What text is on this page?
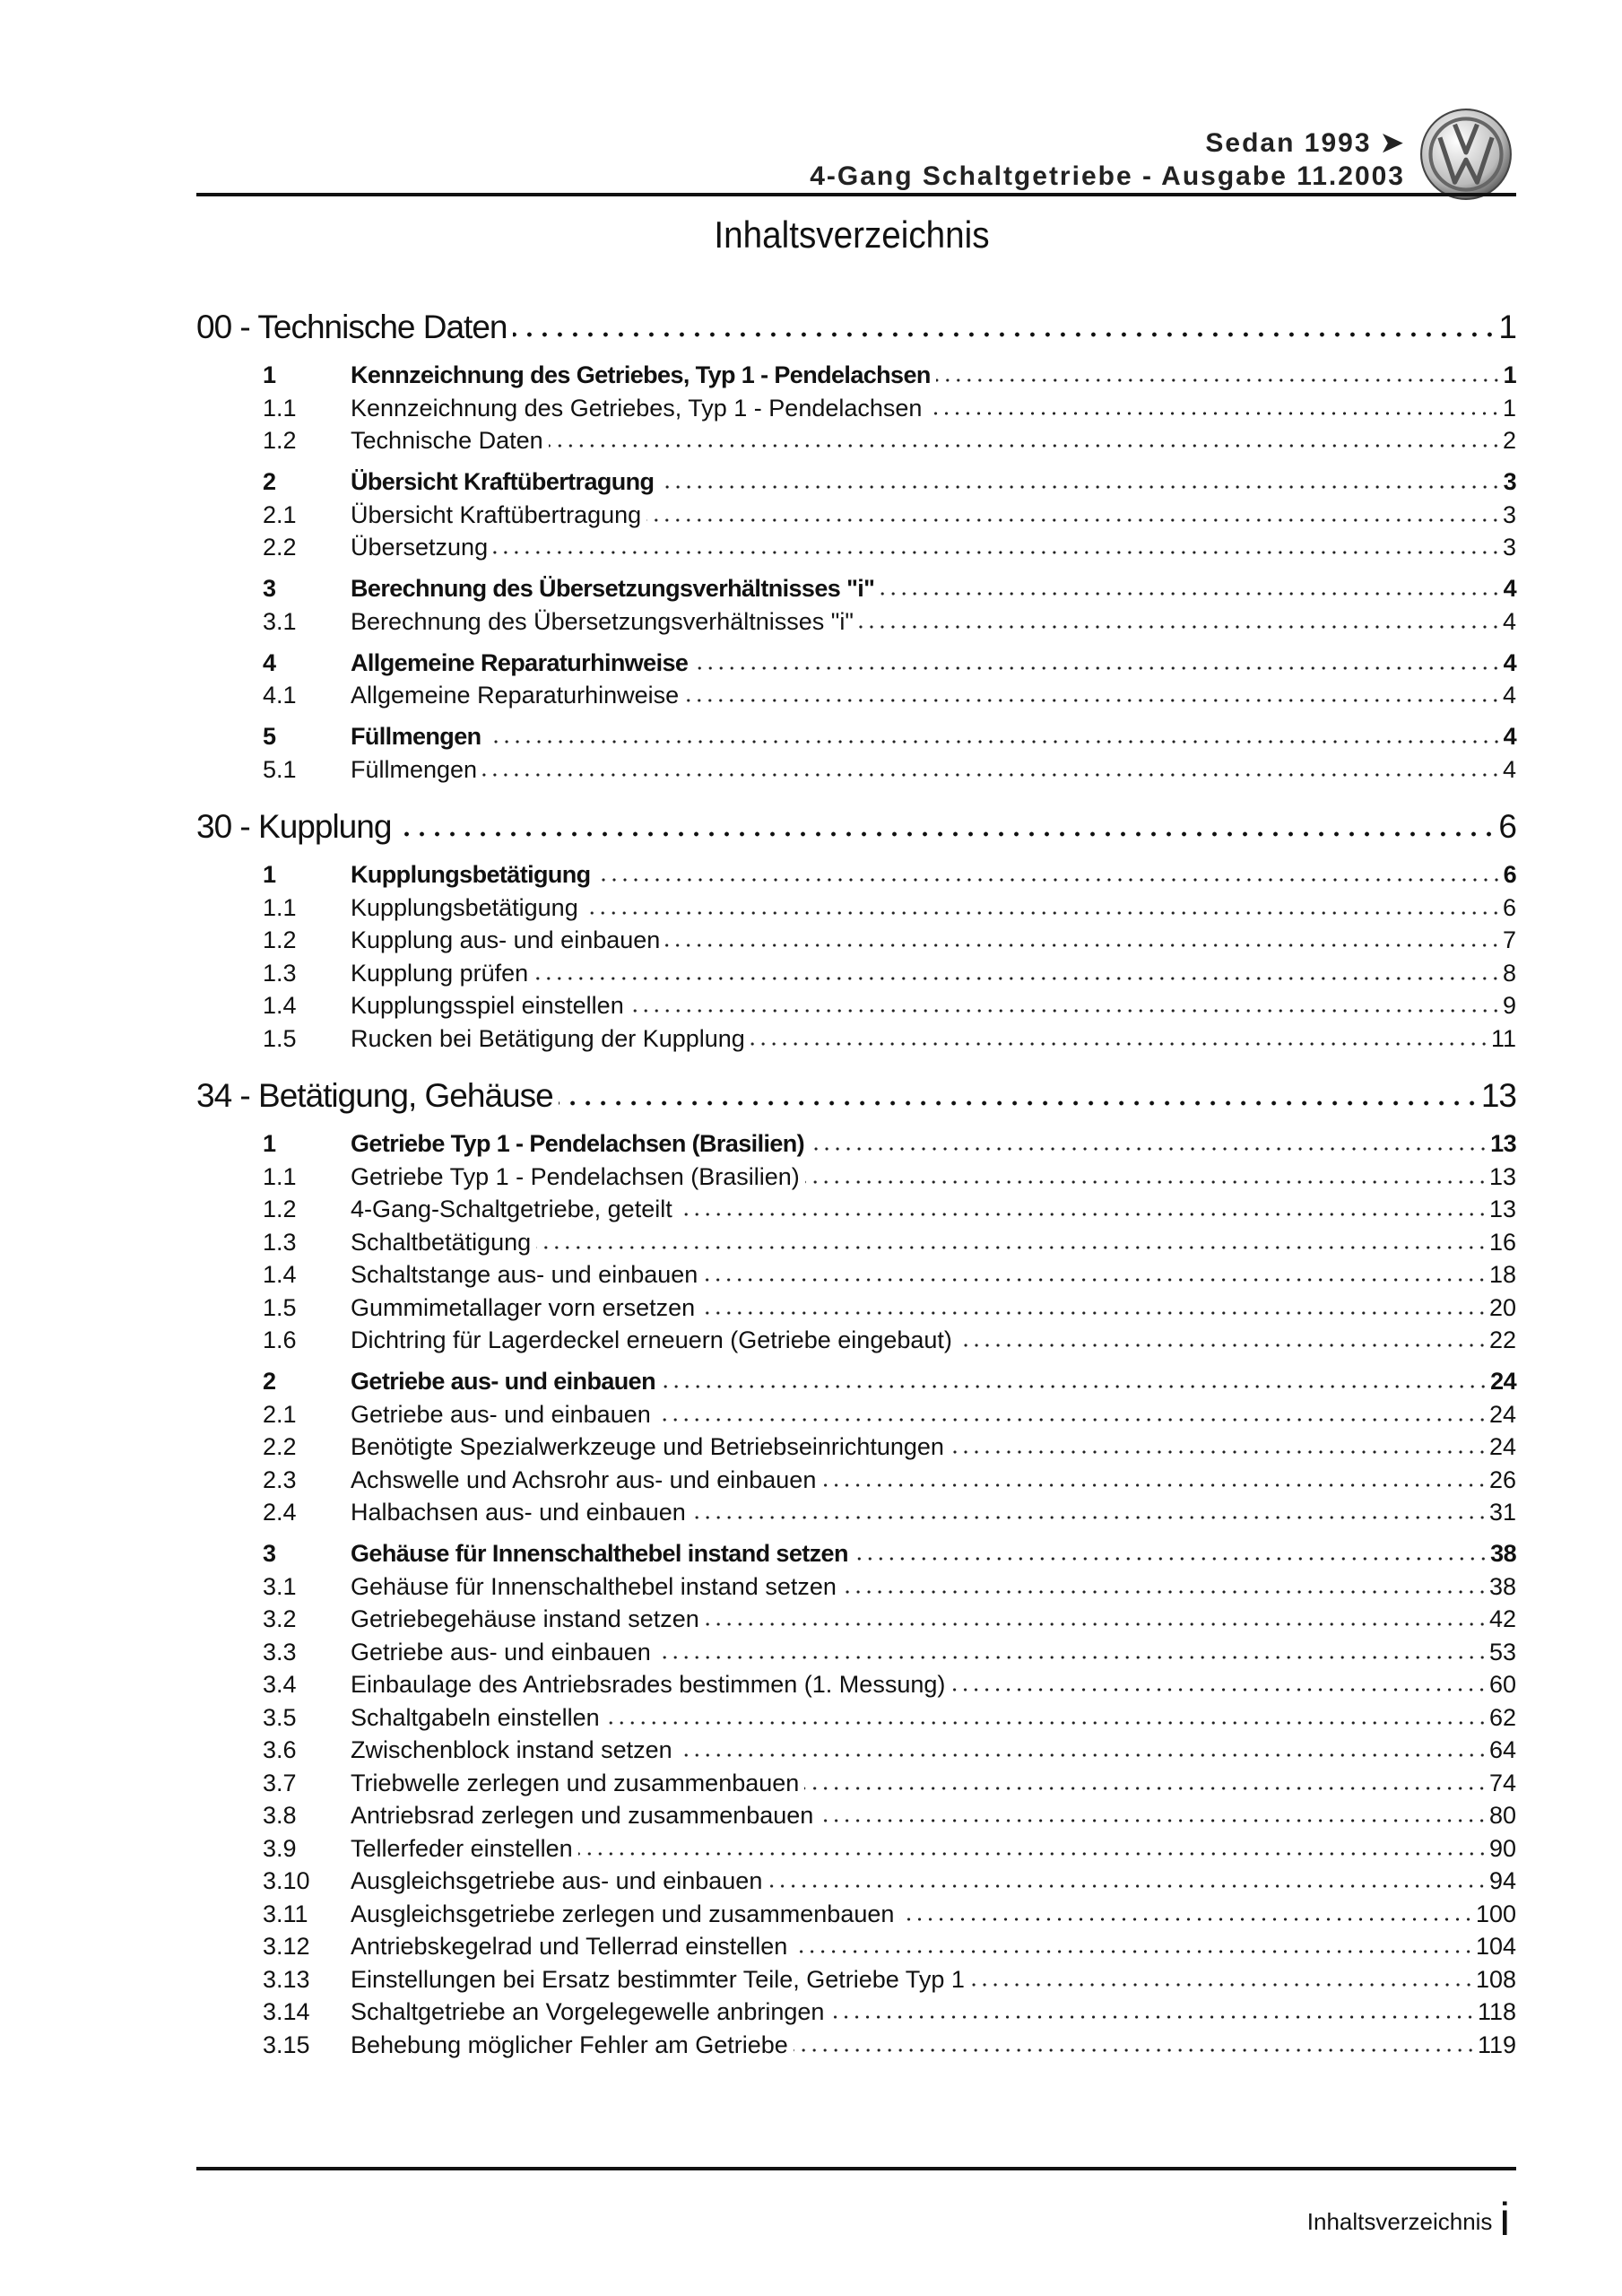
Sedan 1993 ➤
4-Gang Schaltgetriebe - Ausgabe 11.2003
Inhaltsverzeichnis
00 - Technische Daten	1
1	Kennzeichnung des Getriebes, Typ 1 - Pendelachsen	1
1.1	Kennzeichnung des Getriebes, Typ 1 - Pendelachsen	1
1.2	Technische Daten	2
2	Übersicht Kraftübertragung	3
2.1	Übersicht Kraftübertragung	3
2.2	Übersetzung	3
3	Berechnung des Übersetzungsverhältnisses "i"	4
3.1	Berechnung des Übersetzungsverhältnisses "i"	4
4	Allgemeine Reparaturhinweise	4
4.1	Allgemeine Reparaturhinweise	4
5	Füllmengen	4
5.1	Füllmengen	4
30 - Kupplung	6
1	Kupplungsbetätigung	6
1.1	Kupplungsbetätigung	6
1.2	Kupplung aus- und einbauen	7
1.3	Kupplung prüfen	8
1.4	Kupplungsspiel einstellen	9
1.5	Rucken bei Betätigung der Kupplung	11
34 - Betätigung, Gehäuse	13
1	Getriebe Typ 1 - Pendelachsen (Brasilien)	13
1.1	Getriebe Typ 1 - Pendelachsen (Brasilien)	13
1.2	4-Gang-Schaltgetriebe, geteilt	13
1.3	Schaltbetätigung	16
1.4	Schaltstange aus- und einbauen	18
1.5	Gummimetallager vorn ersetzen	20
1.6	Dichtring für Lagerdeckel erneuern (Getriebe eingebaut)	22
2	Getriebe aus- und einbauen	24
2.1	Getriebe aus- und einbauen	24
2.2	Benötigte Spezialwerkzeuge und Betriebseinrichtungen	24
2.3	Achswelle und Achsrohr aus- und einbauen	26
2.4	Halbachsen aus- und einbauen	31
3	Gehäuse für Innenschalthebel instand setzen	38
3.1	Gehäuse für Innenschalthebel instand setzen	38
3.2	Getriebegehäuse instand setzen	42
3.3	Getriebe aus- und einbauen	53
3.4	Einbaulage des Antriebsrades bestimmen (1. Messung)	60
3.5	Schaltgabeln einstellen	62
3.6	Zwischenblock instand setzen	64
3.7	Triebwelle zerlegen und zusammenbauen	74
3.8	Antriebsrad zerlegen und zusammenbauen	80
3.9	Tellerfeder einstellen	90
3.10	Ausgleichsgetriebe aus- und einbauen	94
3.11	Ausgleichsgetriebe zerlegen und zusammenbauen	100
3.12	Antriebskegelrad und Tellerrad einstellen	104
3.13	Einstellungen bei Ersatz bestimmter Teile, Getriebe Typ 1	108
3.14	Schaltgetriebe an Vorgelegewelle anbringen	118
3.15	Behebung möglicher Fehler am Getriebe	119
Inhaltsverzeichnis i
